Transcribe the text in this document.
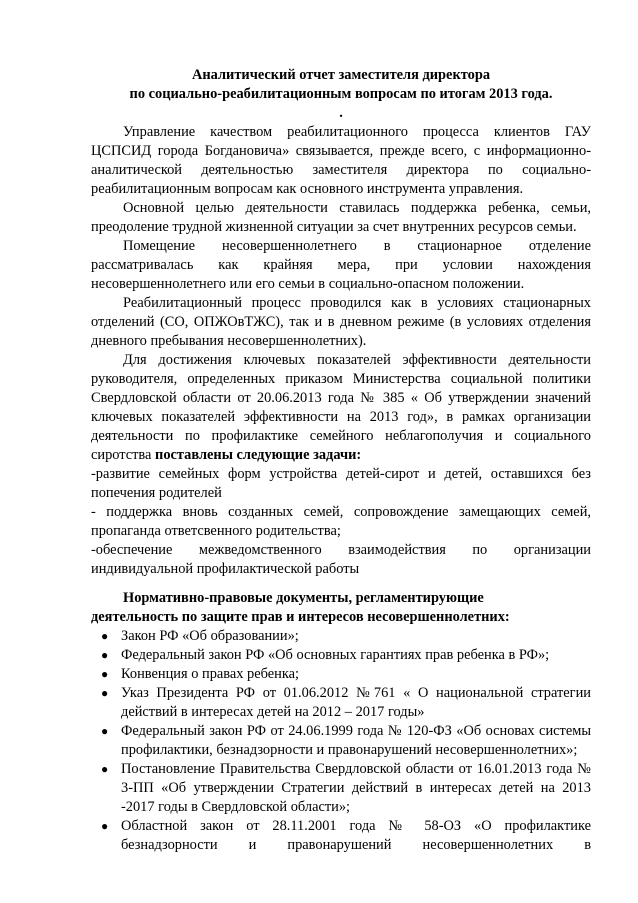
Аналитический отчет заместителя директора

по социально-реабилитационным вопросам по итогам 2013 года.

.

Управление качеством реабилитационного процесса клиентов ГАУ ЦСПСИД города Богдановича» связывается, прежде всего, с информационно-аналитической деятельностью заместителя директора по социально-реабилитационным вопросам как основного инструмента управления.

Основной целью деятельности ставилась поддержка ребенка, семьи, преодоление трудной жизненной ситуации за счет внутренних ресурсов семьи.

Помещение несовершеннолетнего в стационарное отделение рассматривалась как крайняя мера, при условии нахождения несовершеннолетнего или его семьи в социально-опасном положении.

Реабилитационный процесс проводился как в условиях стационарных отделений (СО, ОПЖОвТЖС), так и в дневном режиме (в условиях отделения дневного пребывания несовершеннолетних).

Для достижения ключевых показателей эффективности деятельности руководителя, определенных приказом Министерства социальной политики Свердловской области от 20.06.2013 года № 385 « Об утверждении значений ключевых показателей эффективности на 2013 год», в рамках организации деятельности по профилактике семейного неблагополучия и социального сиротства поставлены следующие задачи:

-развитие семейных форм устройства детей-сирот и детей, оставшихся без попечения родителей

- поддержка вновь созданных семей, сопровождение замещающих семей, пропаганда ответсвенного родительства;

-обеспечение межведомственного взаимодействия по организации индивидуальной профилактической работы

Нормативно-правовые документы, регламентирующие

деятельность по защите прав и интересов несовершеннолетних:

● Закон РФ «Об образовании»;
● Федеральный закон РФ «Об основных гарантиях прав ребенка в РФ»;
● Конвенция о правах ребенка;
● Указ Президента РФ от 01.06.2012 №761 « О национальной стратегии действий в интересах детей на 2012 – 2017 годы»
● Федеральный закон РФ от 24.06.1999 года № 120-ФЗ «Об основах системы профилактики, безнадзорности и правонарушений несовершеннолетних»;
● Постановление Правительства Свердловской области от 16.01.2013 года № 3-ПП «Об утверждении Стратегии действий в интересах детей на 2013 -2017 годы в Свердловской области»;
● Областной закон от 28.11.2001 года № 58-ОЗ «О профилактике безнадзорности и правонарушений несовершеннолетних в
